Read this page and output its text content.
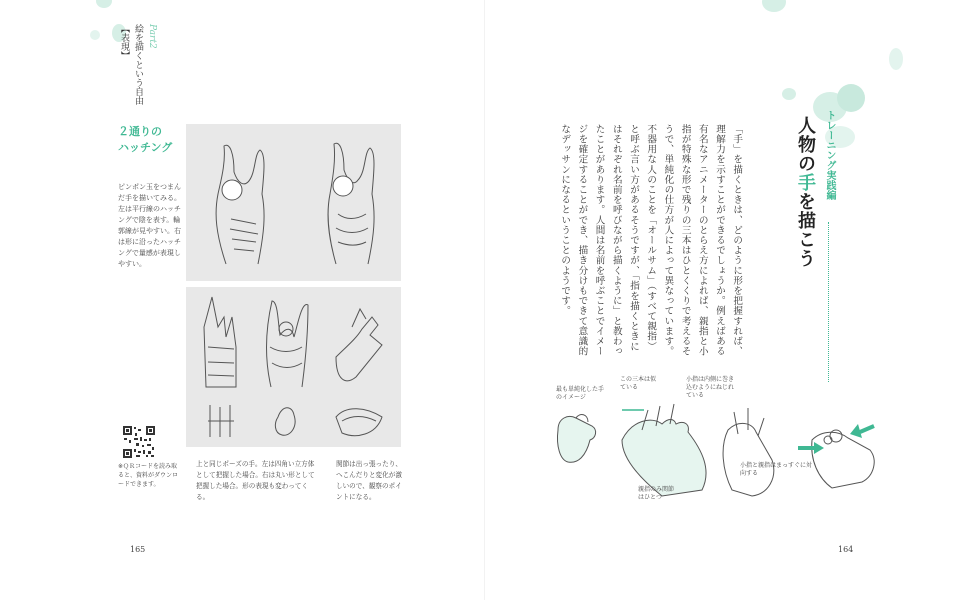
Part2
絵を描くという自由
【表現】
２通りの
ハッチング
ピンポン玉をつまんだ手を描いてみる。左は平行線のハッチングで陰を表す。輪郭線が見やすい。右は形に沿ったハッチングで量感が表現しやすい。
※ＱＲコードを読み取ると、資料がダウンロードできます。
上と同じポーズの手。左は四角い立方体として把握した場合。右は丸い形として把握した場合。形の表現も変わってくる。
関節は出っ張ったり、へこんだりと変化が激しいので、観察のポイントになる。
165
トレーニング実践編
人物の手を描こう
「手」を描くときは、どのように形を把握すれば、
理解力を示すことができるでしょうか。例えばある
有名なアニメーターのとらえ方によれば、親指と小
指が特殊な形で残りの三本はひとくくりで考えるそ
うで、単純化の仕方が人によって異なっています。
不器用な人のことを「オールサム」（すべて親指）
と呼ぶ言い方があるそうですが、「指を描くときに
はそれぞれ名前を呼びながら描くように」と教わっ
たことがあります。人間は名前を呼ぶことでイメー
ジを確定することができ、描き分けもできて意識的
なデッサンになるということのようです。
最も単純化した手のイメージ
この三本は似ている
小指は内側に巻き込むようにねじれている
親指のみ関節はひとつ
小指と親指はまっすぐに対向する
164
